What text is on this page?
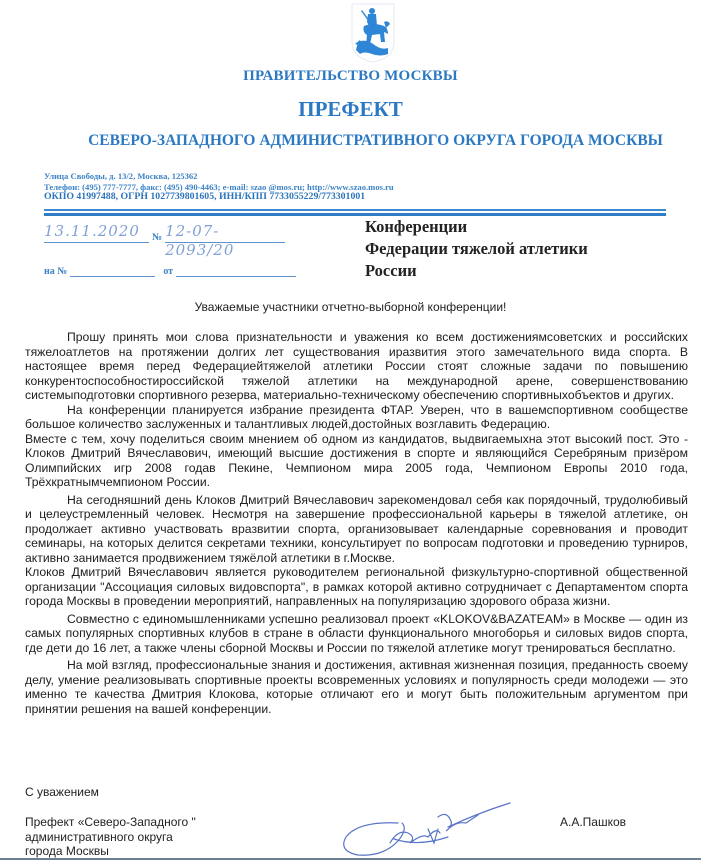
ПРАВИТЕЛЬСТВО МОСКВЫ
ПРЕФЕКТ
СЕВЕРО-ЗАПАДНОГО АДМИНИСТРАТИВНОГО ОКРУГА ГОРОДА МОСКВЫ
Улица Свободы, д. 13/2, Москва, 125362
Телефон: (495) 777-7777, факс: (495) 490-4463; e-mail: szao @mos.ru; http://www.szao.mos.ru
ОКПО 41997488, ОГРН 1027739801605, ИНН/КПП 7733055229/773301001
13.11.2020 № 12-07-2093/20
на №	от
Конференции
Федерации тяжелой атлетики
России
Уважаемые участники отчетно-выборной конференции!

Прошу принять мои слова признательности и уважения ко всем достижениямсоветских и российских тяжелоатлетов на протяжении долгих лет существования иразвития этого замечательного вида спорта. В настоящее время перед Федерациейтяжелой атлетики России стоят сложные задачи по повышению конкурентоспособностироссийской тяжелой атлетики на международной арене, совершенствованию системыподготовки спортивного резерва, материально-техническому обеспечению спортивныхобъектов и других.

На конференции планируется избрание президента ФТАР. Уверен, что в вашемспортивном сообществе большое количество заслуженных и талантливых людей,достойных возглавить Федерацию.

Вместе с тем, хочу поделиться своим мнением об одном из кандидатов, выдвигаемыхна этот высокий пост. Это - Клоков Дмитрий Вячеславович, имеющий высшие достижения в спорте и являющийся Серебряным призёром Олимпийских игр 2008 годав Пекине, Чемпионом мира 2005 года, Чемпионом Европы 2010 года, Трёхкратнымчемпионом России.

На сегодняшний день Клоков Дмитрий Вячеславович зарекомендовал себя как порядочный, трудолюбивый и целеустремленный человек. Несмотря на завершение профессиональной карьеры в тяжелой атлетике, он продолжает активно участвовать вразвитии спорта, организовывает календарные соревнования и проводит семинары, на которых делится секретами техники, консультирует по вопросам подготовки и проведению турниров, активно занимается продвижением тяжёлой атлетики в г.Москве.

Клоков Дмитрий Вячеславович является руководителем региональной физкультурно-спортивной общественной организации "Ассоциация силовых видовспорта", в рамках которой активно сотрудничает с Департаментом спорта города Москвы в проведении мероприятий, направленных на популяризацию здорового образа жизни.

Совместно с единомышленниками успешно реализовал проект «KLOKOV&BAZATEAM» в Москве — один из самых популярных спортивных клубов в стране в области функционального многоборья и силовых видов спорта, где дети до 16 лет, а также члены сборной Москвы и России по тяжелой атлетике могут тренироваться бесплатно.

На мой взгляд, профессиональные знания и достижения, активная жизненная позиция, преданность своему делу, умение реализовывать спортивные проекты всовременных условиях и популярность среди молодежи — это именно те качества Дмитрия Клокова, которые отличают его и могут быть положительным аргументом при принятии решения на вашей конференции.

С уважением
Префект «Северо-Западного "
административного округа
города Москвы
А.А.Пашков
